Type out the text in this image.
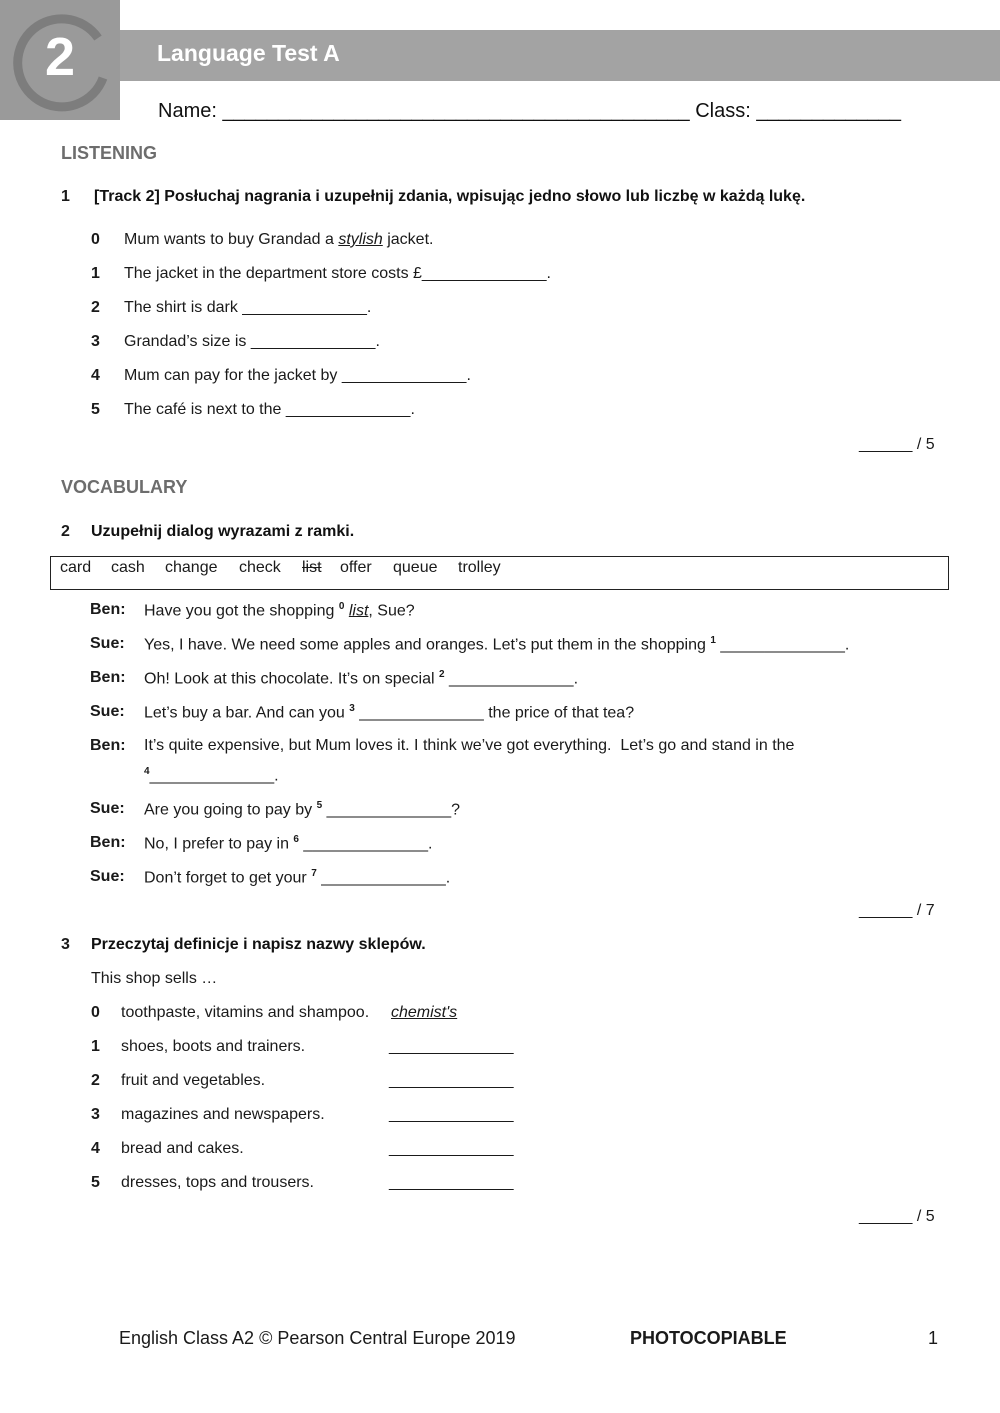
2	Language Test A
Name: __________________________________________ Class: _____________
LISTENING
1 [Track 2] Posłuchaj nagrania i uzupełnij zdania, wpisując jedno słowo lub liczbę w każdą lukę.
0 Mum wants to buy Grandad a stylish jacket.
1 The jacket in the department store costs £______________.
2 The shirt is dark ______________.
3 Grandad’s size is ______________.
4 Mum can pay for the jacket by ______________.
5 The café is next to the ______________.
______ / 5
VOCABULARY
2 Uzupełnij dialog wyrazami z ramki.
card cash change check list offer queue trolley
Ben: Have you got the shopping $^0$ list, Sue?
Sue: Yes, I have. We need some apples and oranges. Let’s put them in the shopping $^1$ ______________.
Ben: Oh! Look at this chocolate. It’s on special $^2$ ______________.
Sue: Let’s buy a bar. And can you $^3$ ______________ the price of that tea?
Ben: It’s quite expensive, but Mum loves it. I think we’ve got everything.  Let’s go and stand in the
$^4$______________.
Sue: Are you going to pay by $^5$ ______________?
Ben: No, I prefer to pay in $^6$ ______________.
Sue: Don’t forget to get your $^7$ ______________.
______ / 7
3 Przeczytaj definicje i napisz nazwy sklepów.
This shop sells …
0 toothpaste, vitamins and shampoo. chemist's
1 shoes, boots and trainers.	______________
2 fruit and vegetables.	______________
3 magazines and newspapers.	______________
4 bread and cakes.	______________
5 dresses, tops and trousers.	______________
______ / 5
English Class A2 © Pearson Central Europe 2019	PHOTOCOPIABLE	1
